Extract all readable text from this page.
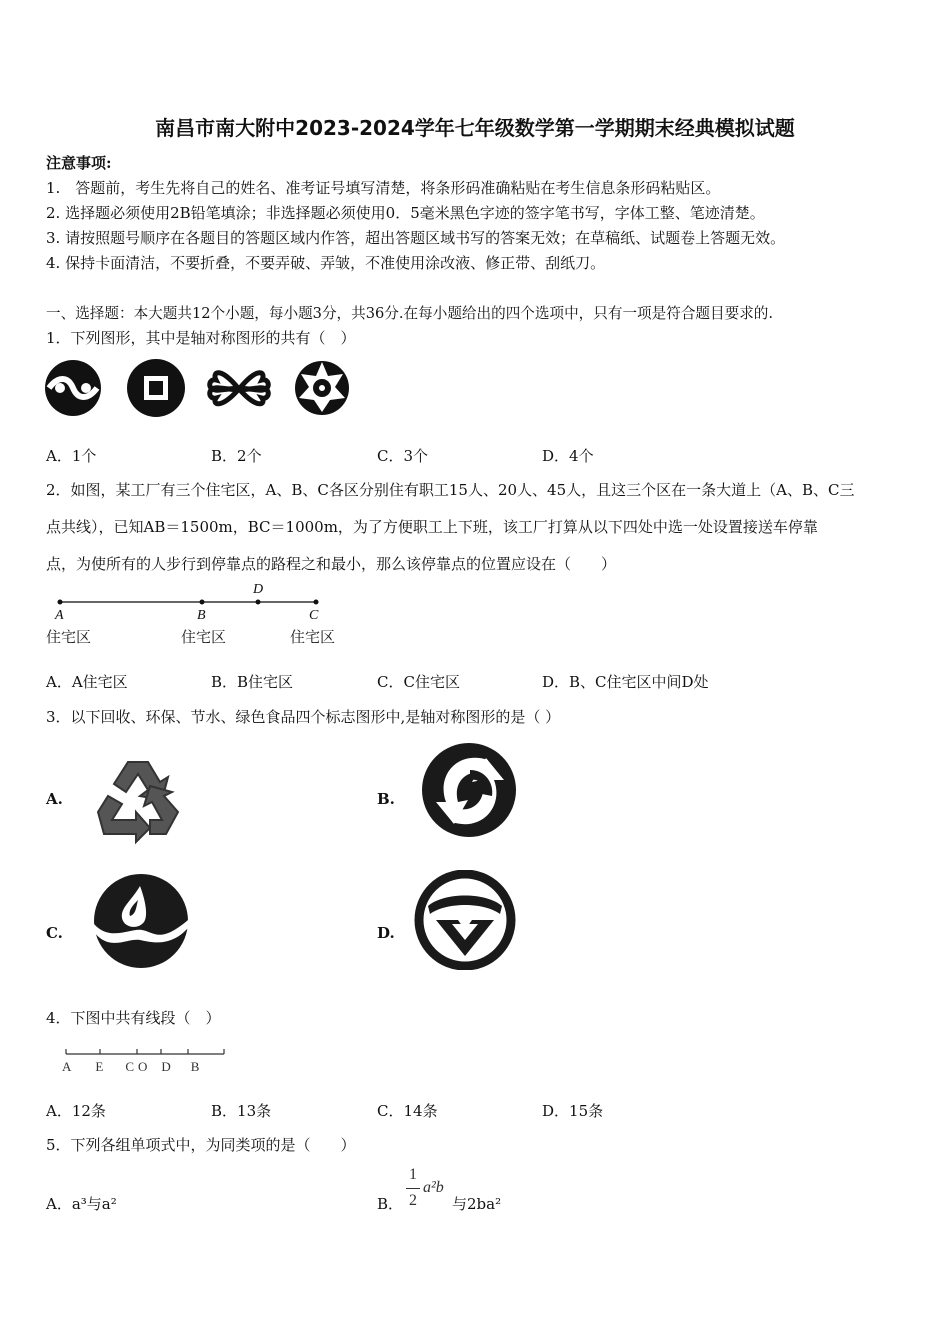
南昌市南大附中2023-2024学年七年级数学第一学期期末经典模拟试题
注意事项:
1.　答题前，考生先将自己的姓名、准考证号填写清楚，将条形码准确粘贴在考生信息条形码粘贴区。
2. 选择题必须使用2B铅笔填涂；非选择题必须使用0．5毫米黑色字迹的签字笔书写，字体工整、笔迹清楚。
3. 请按照题号顺序在各题目的答题区域内作答，超出答题区域书写的答案无效；在草稿纸、试题卷上答题无效。
4. 保持卡面清洁，不要折叠，不要弄破、弄皱，不准使用涂改液、修正带、刮纸刀。
一、选择题：本大题共12个小题，每小题3分，共36分.在每小题给出的四个选项中，只有一项是符合题目要求的.
1．下列图形，其中是轴对称图形的共有（　）
A．1个	B．2个	C．3个	D．4个
2．如图，某工厂有三个住宅区，A、B、C各区分别住有职工15人、20人、45人，且这三个区在一条大道上（A、B、C三
点共线），已知AB＝1500m，BC＝1000m，为了方便职工上下班，该工厂打算从以下四处中选一处设置接送车停靠
点，为使所有的人步行到停靠点的路程之和最小，那么该停靠点的位置应设在（　　）
D
A	B	C
住宅区	住宅区	住宅区
A．A住宅区	B．B住宅区	C．C住宅区	D．B、C住宅区中间D处
3．以下回收、环保、节水、绿色食品四个标志图形中,是轴对称图形的是（ ）
A.	B.
C.	D.
4．下图中共有线段（　）
A E C O D B
A．12条	B．13条	C．14条	D．15条
5．下列各组单项式中，为同类项的是（　　）
A．a³与a²	B．
1
2
a²b
与2ba²
